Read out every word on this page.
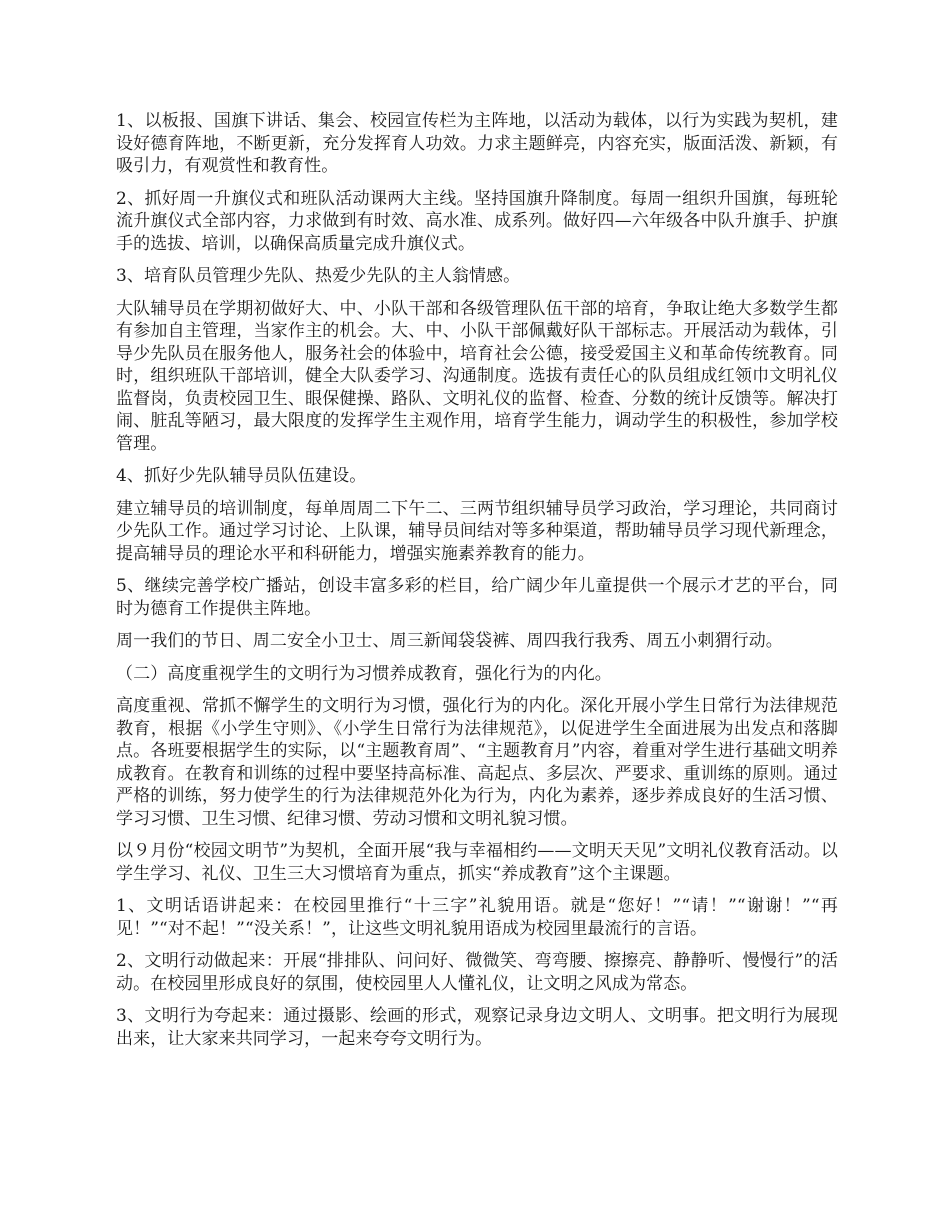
1、以板报、国旗下讲话、集会、校园宣传栏为主阵地，以活动为载体，以行为实践为契机，建设好德育阵地，不断更新，充分发挥育人功效。力求主题鲜亮，内容充实，版面活泼、新颖，有吸引力，有观赏性和教育性。

2、抓好周一升旗仪式和班队活动课两大主线。坚持国旗升降制度。每周一组织升国旗，每班轮流升旗仪式全部内容，力求做到有时效、高水准、成系列。做好四—六年级各中队升旗手、护旗手的选拔、培训，以确保高质量完成升旗仪式。

3、培育队员管理少先队、热爱少先队的主人翁情感。

大队辅导员在学期初做好大、中、小队干部和各级管理队伍干部的培育，争取让绝大多数学生都有参加自主管理，当家作主的机会。大、中、小队干部佩戴好队干部标志。开展活动为载体，引导少先队员在服务他人，服务社会的体验中，培育社会公德，接受爱国主义和革命传统教育。同时，组织班队干部培训，健全大队委学习、沟通制度。选拔有责任心的队员组成红领巾文明礼仪监督岗，负责校园卫生、眼保健操、路队、文明礼仪的监督、检查、分数的统计反馈等。解决打闹、脏乱等陋习，最大限度的发挥学生主观作用，培育学生能力，调动学生的积极性，参加学校管理。

4、抓好少先队辅导员队伍建设。

建立辅导员的培训制度，每单周周二下午二、三两节组织辅导员学习政治，学习理论，共同商讨少先队工作。通过学习讨论、上队课，辅导员间结对等多种渠道，帮助辅导员学习现代新理念，提高辅导员的理论水平和科研能力，增强实施素养教育的能力。

5、继续完善学校广播站，创设丰富多彩的栏目，给广阔少年儿童提供一个展示才艺的平台，同时为德育工作提供主阵地。

周一我们的节日、周二安全小卫士、周三新闻袋袋裤、周四我行我秀、周五小刺猬行动。

（二）高度重视学生的文明行为习惯养成教育，强化行为的内化。

高度重视、常抓不懈学生的文明行为习惯，强化行为的内化。深化开展小学生日常行为法律规范教育，根据《小学生守则》、《小学生日常行为法律规范》，以促进学生全面进展为出发点和落脚点。各班要根据学生的实际，以“主题教育周”、“主题教育月”内容，着重对学生进行基础文明养成教育。在教育和训练的过程中要坚持高标准、高起点、多层次、严要求、重训练的原则。通过严格的训练，努力使学生的行为法律规范外化为行为，内化为素养，逐步养成良好的生活习惯、学习习惯、卫生习惯、纪律习惯、劳动习惯和文明礼貌习惯。

以９月份“校园文明节”为契机，全面开展“我与幸福相约——文明天天见”文明礼仪教育活动。以学生学习、礼仪、卫生三大习惯培育为重点，抓实“养成教育”这个主课题。

1、文明话语讲起来：在校园里推行“十三字”礼貌用语。就是“您好！”“请！”“谢谢！”“再见！”“对不起！”“没关系！”，让这些文明礼貌用语成为校园里最流行的言语。

2、文明行动做起来：开展“排排队、问问好、微微笑、弯弯腰、擦擦亮、静静听、慢慢行”的活动。在校园里形成良好的氛围，使校园里人人懂礼仪，让文明之风成为常态。

3、文明行为夸起来：通过摄影、绘画的形式，观察记录身边文明人、文明事。把文明行为展现出来，让大家来共同学习，一起来夸夸文明行为。
